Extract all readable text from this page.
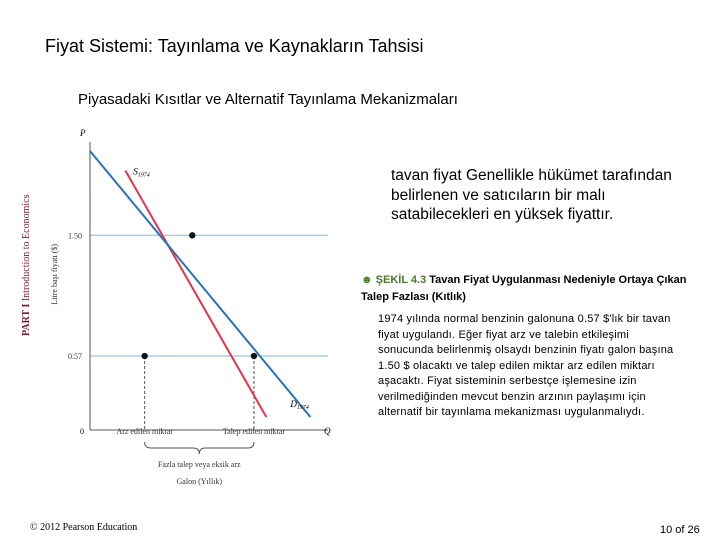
Fiyat Sistemi: Tayınlama ve Kaynakların Tahsisi
Piyasadaki Kısıtlar ve Alternatif Tayınlama Mekanizmaları
PART I Introduction to Economics
P
Q
0
1.50
0.57
Litre başı fiyatı ($)
$S_{1974}$
$D_{1974}$
Arz edilen miktar	Talep edilen miktar
Fazla talep veya eksik arz
Galon (Yıllık)
tavan fiyat Genellikle hükümet tarafından belirlenen ve satıcıların bir malı satabilecekleri en yüksek fiyattır.
☻ ŞEKİL 4.3 Tavan Fiyat Uygulanması Nedeniyle Ortaya Çıkan Talep Fazlası (Kıtlık)
1974 yılında normal benzinin galonuna 0.57 $'lık bir tavan fiyat uygulandı. Eğer fiyat arz ve talebin etkileşimi sonucunda belirlenmiş olsaydı benzinin fiyatı galon başına 1.50 $ olacaktı ve talep edilen miktar arz edilen miktarı aşacaktı. Fiyat sisteminin serbestçe işlemesine izin verilmediğinden mevcut benzin arzının paylaşımı için alternatif bir tayınlama mekanizması uygulanmalıydı.
© 2012 Pearson Education	10 of 26
